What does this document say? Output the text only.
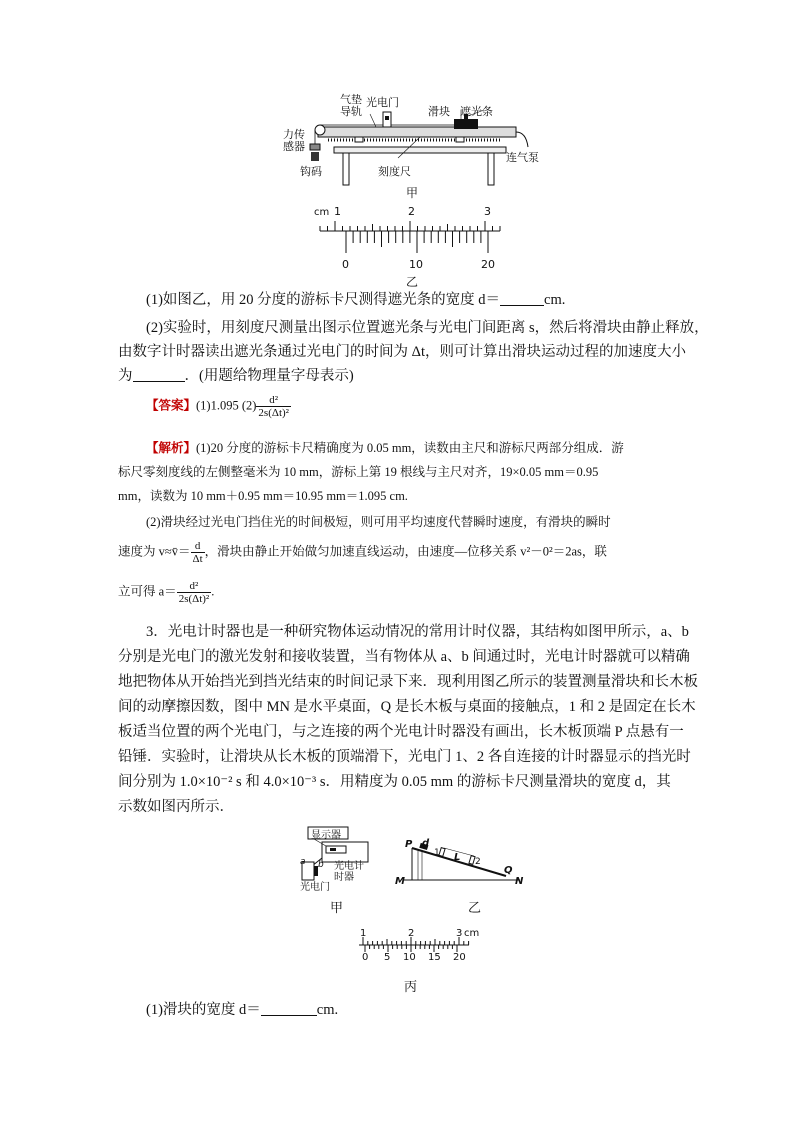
气垫
导轨
光电门
滑块 遮光条
力传
感器
钩码	刻度尺
连气泵
甲
cm 1	2	3
0	10	20
乙
(1)如图乙，用 20 分度的游标卡尺测得遮光条的宽度 d＝	cm.
(2)实验时，用刻度尺测量出图示位置遮光条与光电门间距离 s，然后将滑块由静止释放，
由数字计时器读出遮光条通过光电门的时间为 Δt，则可计算出滑块运动过程的加速度大小
为	．(用题给物理量字母表示)
【答案】(1)1.095 $(2) \frac{\text{d²}}{\text{2s(Δt)²}}$
【解析】(1)20 分度的游标卡尺精确度为 0.05 mm，读数由主尺和游标尺两部分组成．游
标尺零刻度线的左侧整毫米为 10 mm，游标上第 19 根线与主尺对齐，19×0.05 mm＝0.95
mm，读数为 10 mm＋0.95 mm＝10.95 mm＝1.095 cm.
(2)滑块经过光电门挡住光的时间极短，则可用平均速度代替瞬时速度，有滑块的瞬时
速度为 v≈v̄＝ $\frac{d}{\Delta t}$ ，滑块由静止开始做匀加速直线运动，由速度—位移关系 v²－0²＝2as，联
立可得 $a= \frac{\text{d²}}{\text{2s(Δt)²}}$ .
3．光电计时器也是一种研究物体运动情况的常用计时仪器，其结构如图甲所示，a、b
分别是光电门的激光发射和接收装置，当有物体从 a、b 间通过时，光电计时器就可以精确
地把物体从开始挡光到挡光结束的时间记录下来．现利用图乙所示的装置测量滑块和长木板
间的动摩擦因数，图中 MN 是水平桌面，Q 是长木板与桌面的接触点，1 和 2 是固定在长木
板适当位置的两个光电门，与之连接的两个光电计时器没有画出，长木板顶端 P 点悬有一
铅锤．实验时，让滑块从长木板的顶端滑下，光电门 1、2 各自连接的计时器显示的挡光时
间分别为 1.0×10⁻² s 和 4.0×10⁻³ s．用精度为 0.05 mm 的游标卡尺测量滑块的宽度 d，其
示数如图丙所示．
显示器
光电计
时器
光电门
a b
甲
P d
1 L 2
Q
M	N
乙
1	2	3 cm
0 5 10 15 20
丙
(1)滑块的宽度 d＝	cm.
